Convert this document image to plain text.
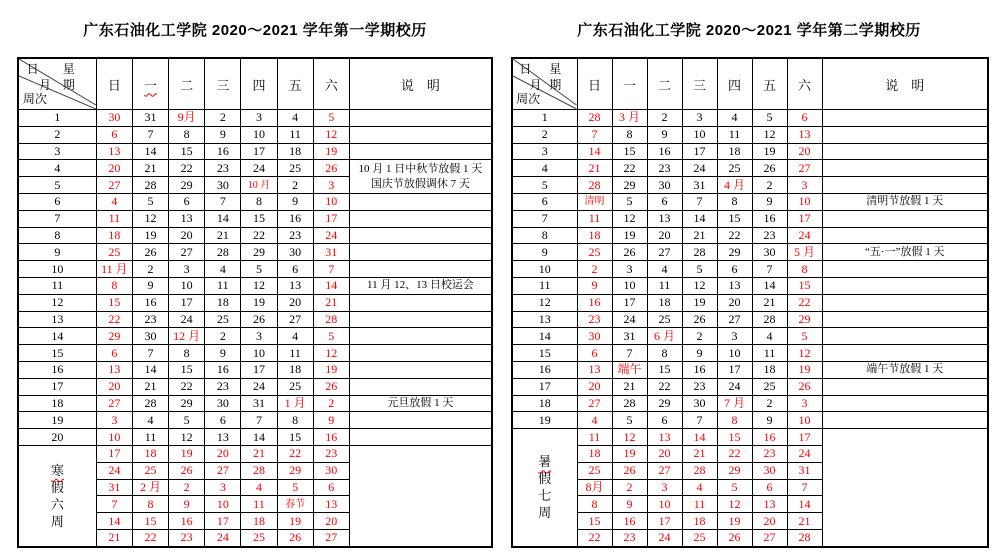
广东石油化工学院 2020～2021 学年第一学期校历
日 星
月 期
周次	日	一	二	三	四	五	六	说　明
1	30	31	9月	2	3	4	5	
2	6	7	8	9	10	11	12	
3	13	14	15	16	17	18	19	
4	20	21	22	23	24	25	26	10 月 1 日中秋节放假 1 天
国庆节放假调休 7 天

5	27	28	29	30	10 月	2	3	
6	4	5	6	7	8	9	10	
7	11	12	13	14	15	16	17	
8	18	19	20	21	22	23	24	
9	25	26	27	28	29	30	31	
10	11 月	2	3	4	5	6	7	
11	8	9	10	11	12	13	14	11 月 12、13 日校运会

12	15	16	17	18	19	20	21	
13	22	23	24	25	26	27	28	
14	29	30	12 月	2	3	4	5	
15	6	7	8	9	10	11	12	
16	13	14	15	16	17	18	19	
17	20	21	22	23	24	25	26	
18	27	28	29	30	31	1 月	2	元旦放假 1 天

19	3	4	5	6	7	8	9	
20	10	11	12	13	14	15	16	

寒
假
六
周	17	18	19	20	21	22	23	
	24	25	26	27	28	29	30	
	31	2 月	2	3	4	5	6	
	7	8	9	10	11	春节	13	
	14	15	16	17	18	19	20	
	21	22	23	24	25	26	27	
广东石油化工学院 2020～2021 学年第二学期校历
日 星
月 期
周次	日	一	二	三	四	五	六	说　明
1	28	3 月	2	3	4	5	6	
2	7	8	9	10	11	12	13	
3	14	15	16	17	18	19	20	
4	21	22	23	24	25	26	27	
5	28	29	30	31	4 月	2	3	
6	清明	5	6	7	8	9	10	清明节放假 1 天

7	11	12	13	14	15	16	17	
8	18	19	20	21	22	23	24	
9	25	26	27	28	29	30	5 月	“五·一”放假 1 天

10	2	3	4	5	6	7	8	
11	9	10	11	12	13	14	15	
12	16	17	18	19	20	21	22	
13	23	24	25	26	27	28	29	
14	30	31	6 月	2	3	4	5	
15	6	7	8	9	10	11	12	
16	13	端午	15	16	17	18	19	端午节放假 1 天

17	20	21	22	23	24	25	26	
18	27	28	29	30	7 月	2	3	
19	4	5	6	7	8	9	10	

暑
假
七
周	11	12	13	14	15	16	17	
	18	19	20	21	22	23	24	
	25	26	27	28	29	30	31	
	8月	2	3	4	5	6	7	
	8	9	10	11	12	13	14	
	15	16	17	18	19	20	21	
	22	23	24	25	26	27	28	
